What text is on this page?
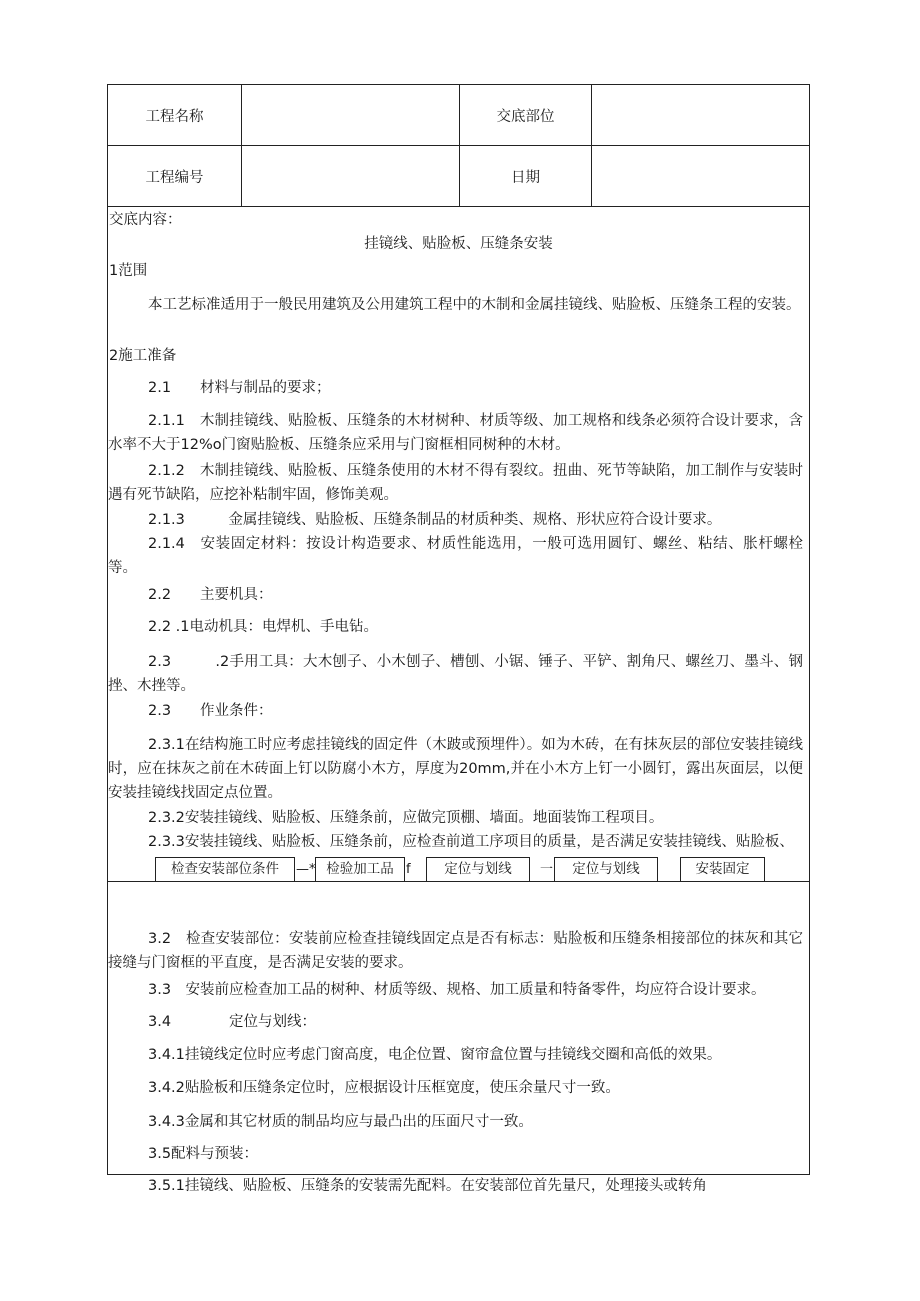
工程名称	交底部位
工程编号	日期
交底内容：
挂镜线、贴脸板、压缝条安装
1范围
本工艺标准适用于一般民用建筑及公用建筑工程中的木制和金属挂镜线、贴脸板、压缝条工程的安装。
2施工准备
2.1　　材料与制品的要求；
2.1.1　木制挂镜线、贴脸板、压缝条的木材树种、材质等级、加工规格和线条必须符合设计要求，含水率不大于12%o门窗贴脸板、压缝条应采用与门窗框相同树种的木材。
2.1.2　木制挂镜线、贴脸板、压缝条使用的木材不得有裂纹。扭曲、死节等缺陷，加工制作与安装时遇有死节缺陷，应挖补粘制牢固，修饰美观。
2.1.3　　　金属挂镜线、贴脸板、压缝条制品的材质种类、规格、形状应符合设计要求。
2.1.4　安装固定材料：按设计构造要求、材质性能选用，一般可选用圆钉、螺丝、粘结、胀杆螺栓等。
2.2　　主要机具：
2.2 .1电动机具：电焊机、手电钻。
2.3　　　.2手用工具：大木刨子、小木刨子、槽刨、小锯、锤子、平铲、割角尺、螺丝刀、墨斗、钢挫、木挫等。
2.3　　作业条件：
2.3.1在结构施工时应考虑挂镜线的固定件（木跛或预埋件）。如为木砖，在有抹灰层的部位安装挂镜线时，应在抹灰之前在木砖面上钉以防腐小木方，厚度为20mm,并在小木方上钉一小圆钉，露出灰面层，以便安装挂镜线找固定点位置。
2.3.2安装挂镜线、贴脸板、压缝条前，应做完顶棚、墙面。地面装饰工程项目。
2.3.3安装挂镜线、贴脸板、压缝条前，应检查前道工序项目的质量，是否满足安装挂镜线、贴脸板、
检查安装部位条件	—* 检验加工品 f	定位与划线	一	定位与划线	安装固定
3.2　检查安装部位：安装前应检查挂镜线固定点是否有标志：贴脸板和压缝条相接部位的抹灰和其它接缝与门窗框的平直度，是否满足安装的要求。
3.3　安装前应检查加工品的树种、材质等级、规格、加工质量和特备零件，均应符合设计要求。
3.4　　　　定位与划线：
3.4.1挂镜线定位时应考虑门窗高度，电企位置、窗帘盒位置与挂镜线交圈和高低的效果。
3.4.2贴脸板和压缝条定位时，应根据设计压框宽度，使压余量尺寸一致。
3.4.3金属和其它材质的制品均应与最凸出的压面尺寸一致。
3.5配料与预装：
3.5.1挂镜线、贴脸板、压缝条的安装需先配料。在安装部位首先量尺，处理接头或转角
